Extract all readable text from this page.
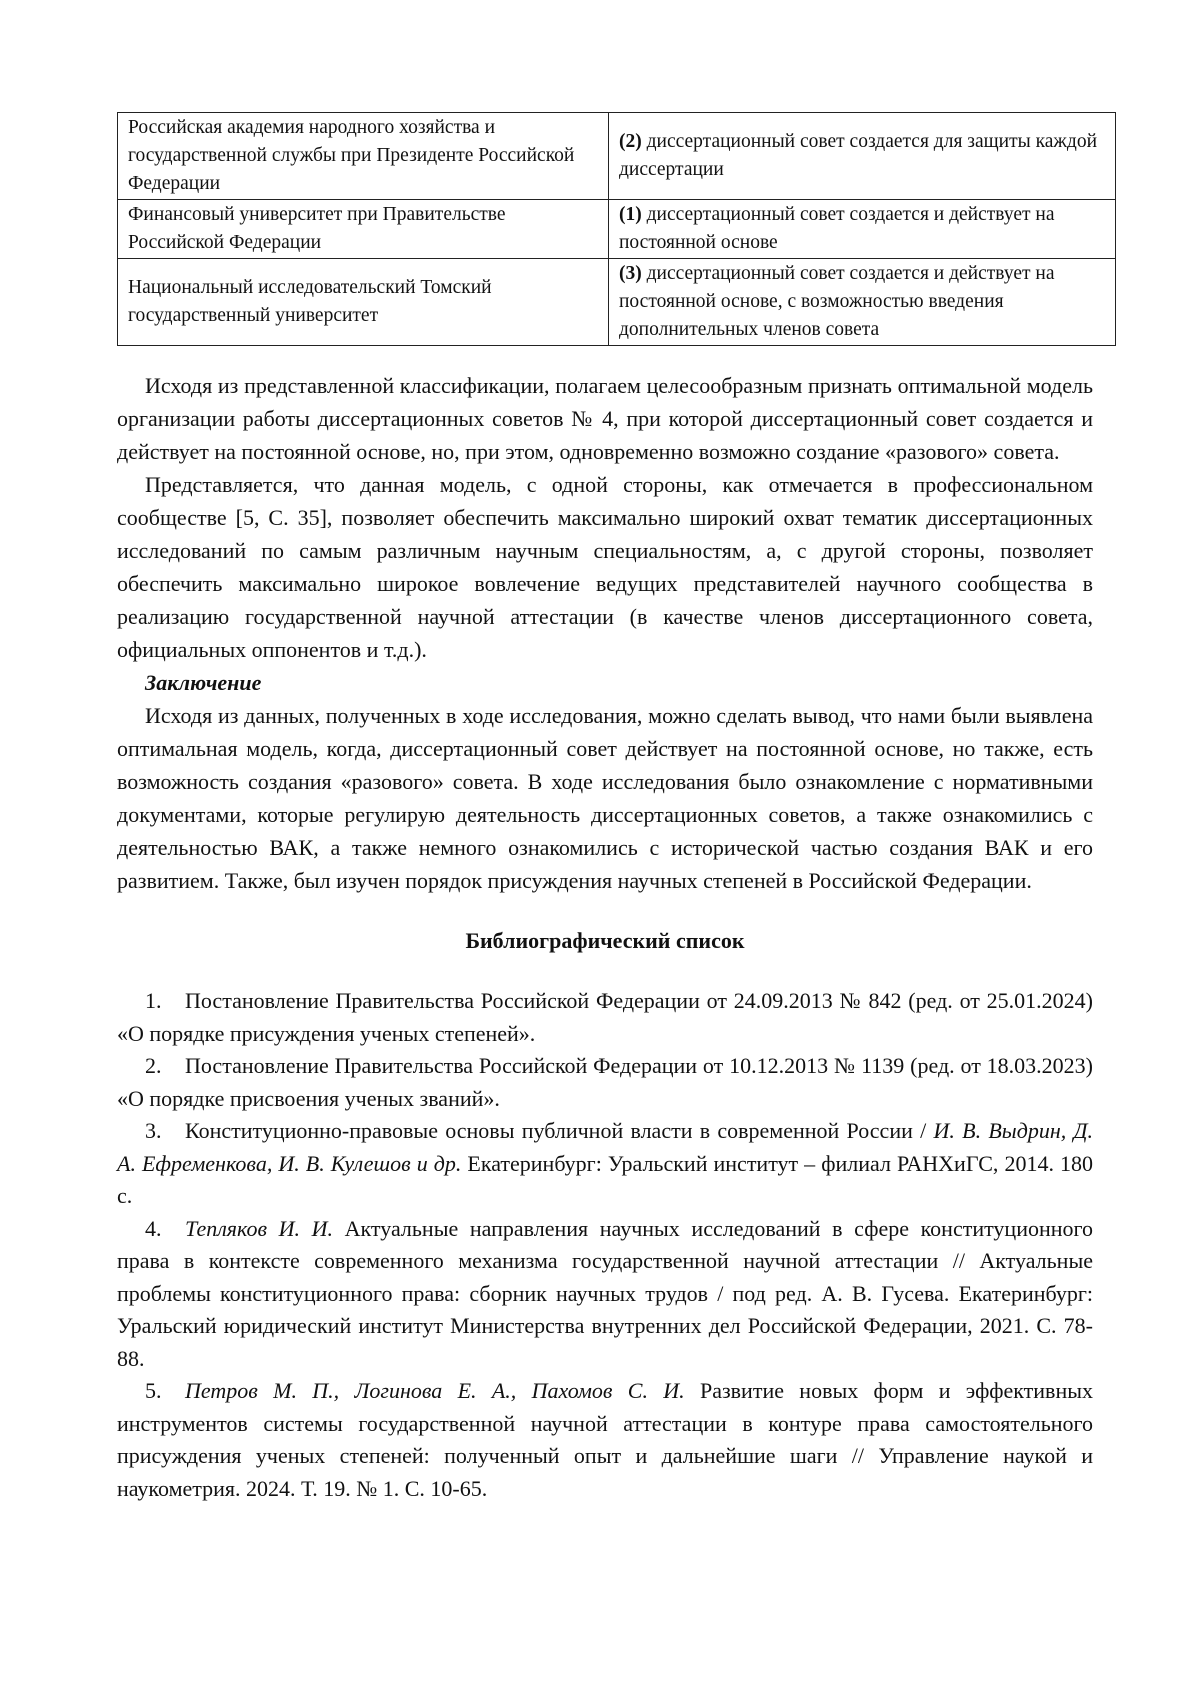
Российская академия народного хозяйства и государственной службы при Президенте Российской Федерации	(2) диссертационный совет создается для защиты каждой диссертации
Финансовый университет при Правительстве Российской Федерации	(1) диссертационный совет создается и действует на постоянной основе
Национальный исследовательский Томский государственный университет	(3) диссертационный совет создается и действует на постоянной основе, с возможностью введения дополнительных членов совета

Исходя из представленной классификации, полагаем целесообразным признать оптимальной модель организации работы диссертационных советов № 4, при которой диссертационный совет создается и действует на постоянной основе, но, при этом, одновременно возможно создание «разового» совета.

Представляется, что данная модель, с одной стороны, как отмечается в профессиональном сообществе [5, С. 35], позволяет обеспечить максимально широкий охват тематик диссертационных исследований по самым различным научным специальностям, а, с другой стороны, позволяет обеспечить максимально широкое вовлечение ведущих представителей научного сообщества в реализацию государственной научной аттестации (в качестве членов диссертационного совета, официальных оппонентов и т.д.).

Заключение

Исходя из данных, полученных в ходе исследования, можно сделать вывод, что нами были выявлена оптимальная модель, когда, диссертационный совет действует на постоянной основе, но также, есть возможность создания «разового» совета. В ходе исследования было ознакомление с нормативными документами, которые регулирую деятельность диссертационных советов, а также ознакомились с деятельностью ВАК, а также немного ознакомились с исторической частью создания ВАК и его развитием. Также, был изучен порядок присуждения научных степеней в Российской Федерации.

Библиографический список
1. Постановление Правительства Российской Федерации от 24.09.2013 № 842 (ред. от 25.01.2024) «О порядке присуждения ученых степеней».
2. Постановление Правительства Российской Федерации от 10.12.2013 № 1139 (ред. от 18.03.2023) «О порядке присвоения ученых званий».
3. Конституционно-правовые основы публичной власти в современной России / И. В. Выдрин, Д. А. Ефременкова, И. В. Кулешов и др. Екатеринбург: Уральский институт – филиал РАНХиГС, 2014. 180 с.
4. Тепляков И. И. Актуальные направления научных исследований в сфере конституционного права в контексте современного механизма государственной научной аттестации // Актуальные проблемы конституционного права: сборник научных трудов / под ред. А. В. Гусева. Екатеринбург: Уральский юридический институт Министерства внутренних дел Российской Федерации, 2021. С. 78-88.
5. Петров М. П., Логинова Е. А., Пахомов С. И. Развитие новых форм и эффективных инструментов системы государственной научной аттестации в контуре права самостоятельного присуждения ученых степеней: полученный опыт и дальнейшие шаги // Управление наукой и наукометрия. 2024. Т. 19. № 1. С. 10-65.
